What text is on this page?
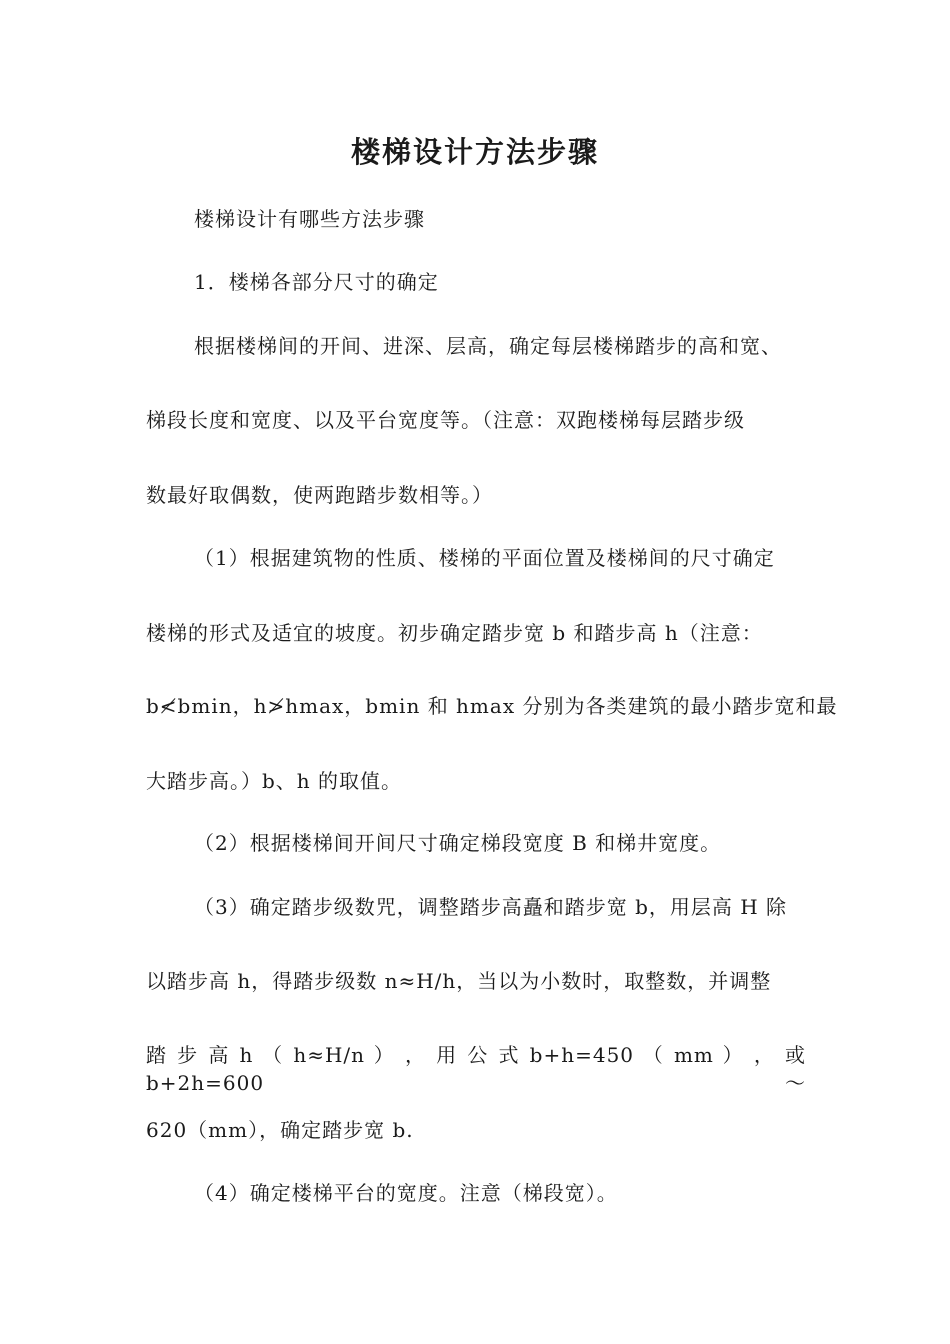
楼梯设计方法步骤

楼梯设计有哪些方法步骤

1．楼梯各部分尺寸的确定

根据楼梯间的开间、进深、层高，确定每层楼梯踏步的高和宽、

梯段长度和宽度、以及平台宽度等。（注意：双跑楼梯每层踏步级

数最好取偶数，使两跑踏步数相等。）

（1）根据建筑物的性质、楼梯的平面位置及楼梯间的尺寸确定

楼梯的形式及适宜的坡度。初步确定踏步宽 b 和踏步高 h（注意：

b≮bmin，h≯hmax，bmin 和 hmax 分别为各类建筑的最小踏步宽和最

大踏步高。）b、h 的取值。

（2）根据楼梯间开间尺寸确定梯段宽度 B 和梯井宽度。

（3）确定踏步级数咒，调整踏步高矗和踏步宽 b，用层高 H 除

以踏步高 h，得踏步级数 n≈H/h，当以为小数时，取整数，并调整

踏 步 高 h （ h≈H/n ） ， 用 公 式 b+h=450 （ mm ） ， 或 b+2h=600 ～

620（mm），确定踏步宽 b.

（4）确定楼梯平台的宽度。注意（梯段宽）。
